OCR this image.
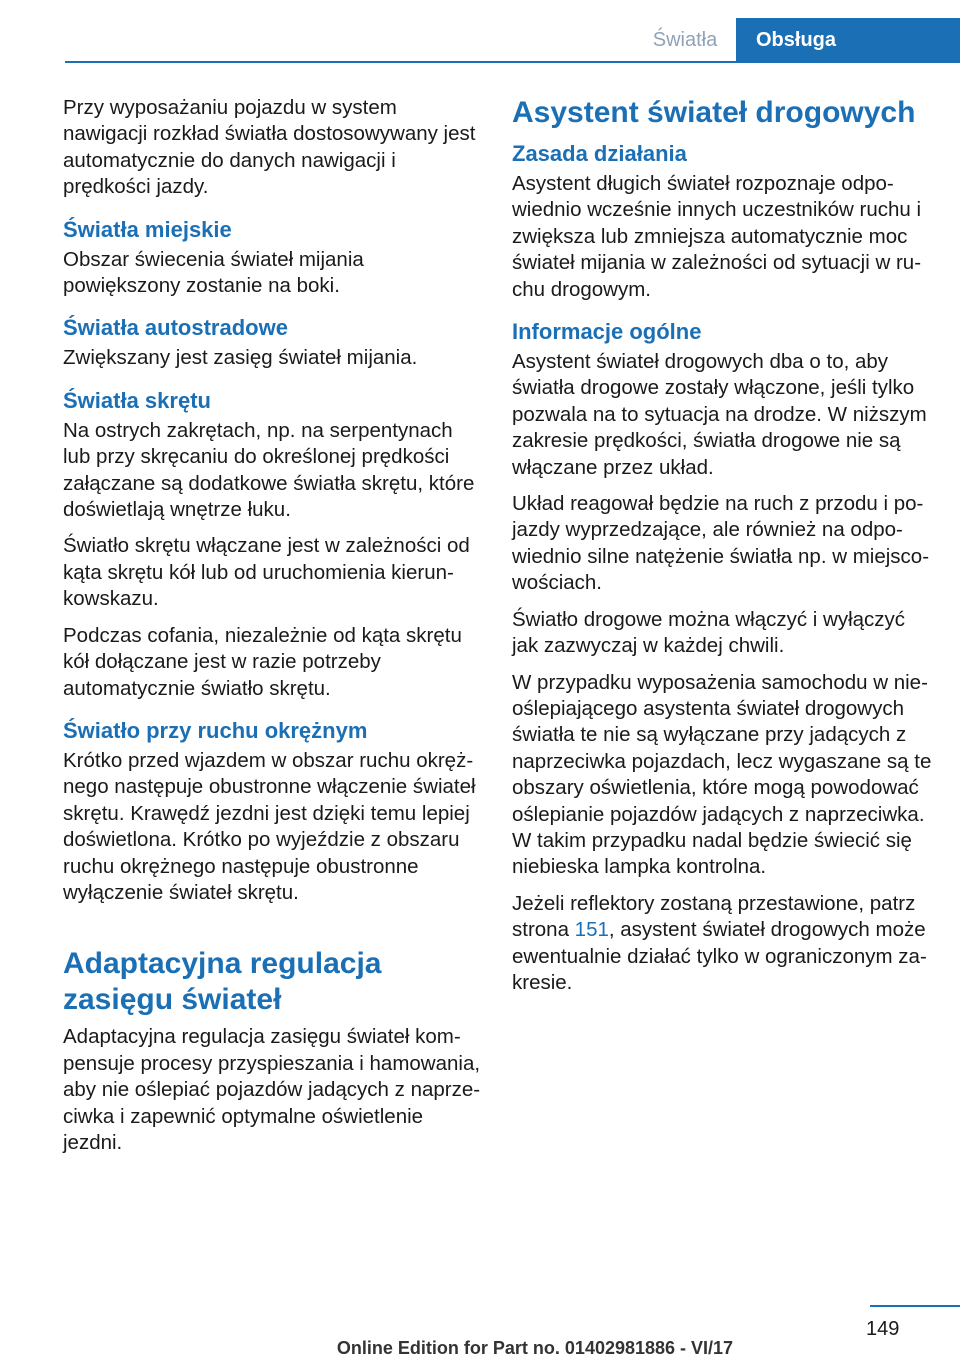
Światła	Obsługa

Przy wyposażaniu pojazdu w system nawigacji rozkład światła dostosowywany jest automatycznie do danych nawigacji i prędkości jazdy.

Światła miejskie

Obszar świecenia świateł mijania powiększony zostanie na boki.

Światła autostradowe

Zwiększany jest zasięg świateł mijania.

Światła skrętu

Na ostrych zakrętach, np. na serpentynach lub przy skręcaniu do określonej prędkości załączane są dodatkowe światła skrętu, które doświetlają wnętrze łuku.

Światło skrętu włączane jest w zależności od kąta skrętu kół lub od uruchomienia kierunkowskazu.

Podczas cofania, niezależnie od kąta skrętu kół dołączane jest w razie potrzeby automatycznie światło skrętu.

Światło przy ruchu okrężnym

Krótko przed wjazdem w obszar ruchu okrężnego następuje obustronne włączenie świateł skrętu. Krawędź jezdni jest dzięki temu lepiej doświetlona. Krótko po wyjeździe z obszaru ruchu okrężnego następuje obustronne wyłączenie świateł skrętu.

Adaptacyjna regulacja zasięgu świateł

Adaptacyjna regulacja zasięgu świateł kompensuje procesy przyspieszania i hamowania, aby nie oślepiać pojazdów jadących z naprzeciwka i zapewnić optymalne oświetlenie jezdni.

Asystent świateł drogowych
Zasada działania

Asystent długich świateł rozpoznaje odpowiednio wcześnie innych uczestników ruchu i zwiększa lub zmniejsza automatycznie moc świateł mijania w zależności od sytuacji w ruchu drogowym.

Informacje ogólne

Asystent świateł drogowych dba o to, aby światła drogowe zostały włączone, jeśli tylko pozwala na to sytuacja na drodze. W niższym zakresie prędkości, światła drogowe nie są włączane przez układ.

Układ reagował będzie na ruch z przodu i pojazdy wyprzedzające, ale również na odpowiednio silne natężenie światła np. w miejscowościach.

Światło drogowe można włączyć i wyłączyć jak zazwyczaj w każdej chwili.

W przypadku wyposażenia samochodu w nieoślepiającego asystenta świateł drogowych światła te nie są wyłączane przy jadących z naprzeciwka pojazdach, lecz wygaszane są te obszary oświetlenia, które mogą powodować oślepianie pojazdów jadących z naprzeciwka. W takim przypadku nadal będzie świecić się niebieska lampka kontrolna.

Jeżeli reflektory zostaną przestawione, patrz strona 151, asystent świateł drogowych może ewentualnie działać tylko w ograniczonym zakresie.

149
Online Edition for Part no. 01402981886 - VI/17
